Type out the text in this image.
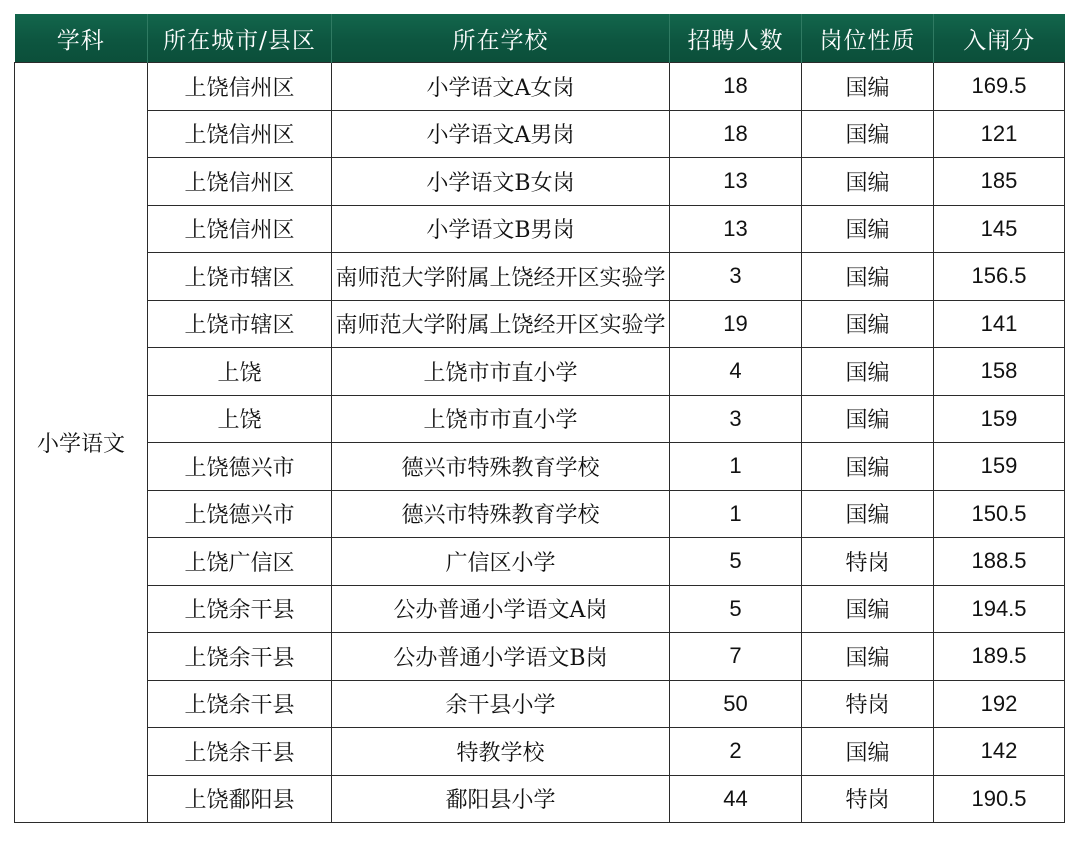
学科	所在城市/县区	所在学校	招聘人数	岗位性质	入闱分
小学语文	上饶信州区	小学语文A女岗	18	国编	169.5
	上饶信州区	小学语文A男岗	18	国编	121
	上饶信州区	小学语文B女岗	13	国编	185
	上饶信州区	小学语文B男岗	13	国编	145
	上饶市辖区	南师范大学附属上饶经开区实验学	3	国编	156.5
	上饶市辖区	南师范大学附属上饶经开区实验学	19	国编	141
	上饶	上饶市市直小学	4	国编	158
	上饶	上饶市市直小学	3	国编	159
	上饶德兴市	德兴市特殊教育学校	1	国编	159
	上饶德兴市	德兴市特殊教育学校	1	国编	150.5
	上饶广信区	广信区小学	5	特岗	188.5
	上饶余干县	公办普通小学语文A岗	5	国编	194.5
	上饶余干县	公办普通小学语文B岗	7	国编	189.5
	上饶余干县	余干县小学	50	特岗	192
	上饶余干县	特教学校	2	国编	142
	上饶鄱阳县	鄱阳县小学	44	特岗	190.5
